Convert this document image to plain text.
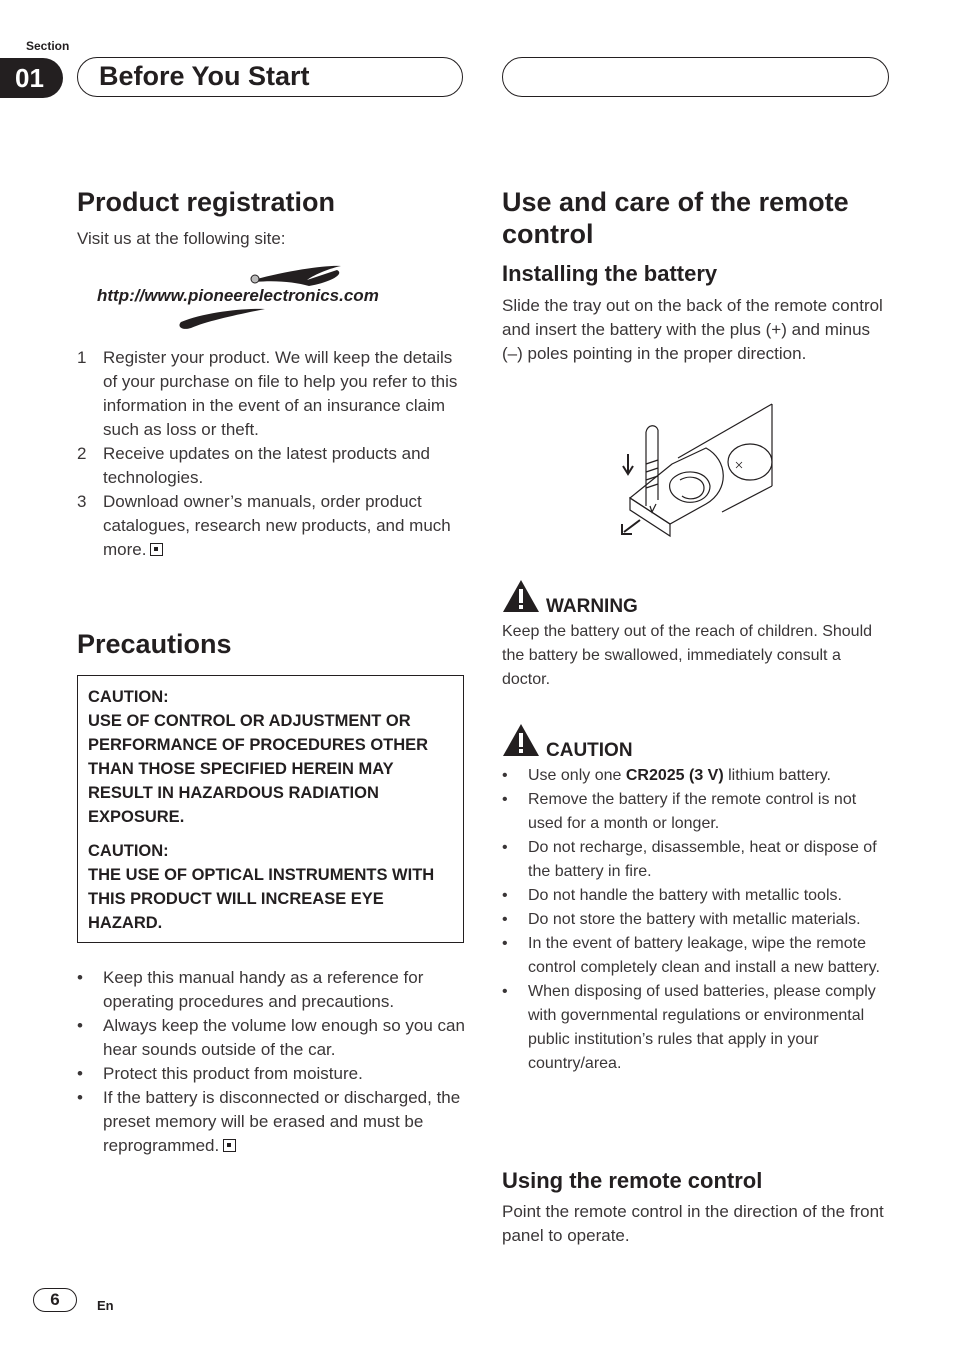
Section
01	Before You Start
Product registration
Visit us at the following site:
http://www.pioneerelectronics.com
1 Register your product. We will keep the details of your purchase on file to help you refer to this information in the event of an insurance claim such as loss or theft.
2 Receive updates on the latest products and technologies.
3 Download owner’s manuals, order product catalogues, research new products, and much more.
Precautions

CAUTION:
USE OF CONTROL OR ADJUSTMENT OR PERFORMANCE OF PROCEDURES OTHER THAN THOSE SPECIFIED HEREIN MAY RESULT IN HAZARDOUS RADIATION EXPOSURE.

CAUTION:
THE USE OF OPTICAL INSTRUMENTS WITH THIS PRODUCT WILL INCREASE EYE HAZARD.

• Keep this manual handy as a reference for operating procedures and precautions.
• Always keep the volume low enough so you can hear sounds outside of the car.
• Protect this product from moisture.
• If the battery is disconnected or discharged, the preset memory will be erased and must be reprogrammed.
Use and care of the remote control
Installing the battery
Slide the tray out on the back of the remote control and insert the battery with the plus (+) and minus (–) poles pointing in the proper direction.
WARNING
Keep the battery out of the reach of children. Should the battery be swallowed, immediately consult a doctor.
CAUTION
• Use only one CR2025 (3 V) lithium battery.
• Remove the battery if the remote control is not used for a month or longer.
• Do not recharge, disassemble, heat or dispose of the battery in fire.
• Do not handle the battery with metallic tools.
• Do not store the battery with metallic materials.
• In the event of battery leakage, wipe the remote control completely clean and install a new battery.
• When disposing of used batteries, please comply with governmental regulations or environmental public institution’s rules that apply in your country/area.
Using the remote control
Point the remote control in the direction of the front panel to operate.
6	En
